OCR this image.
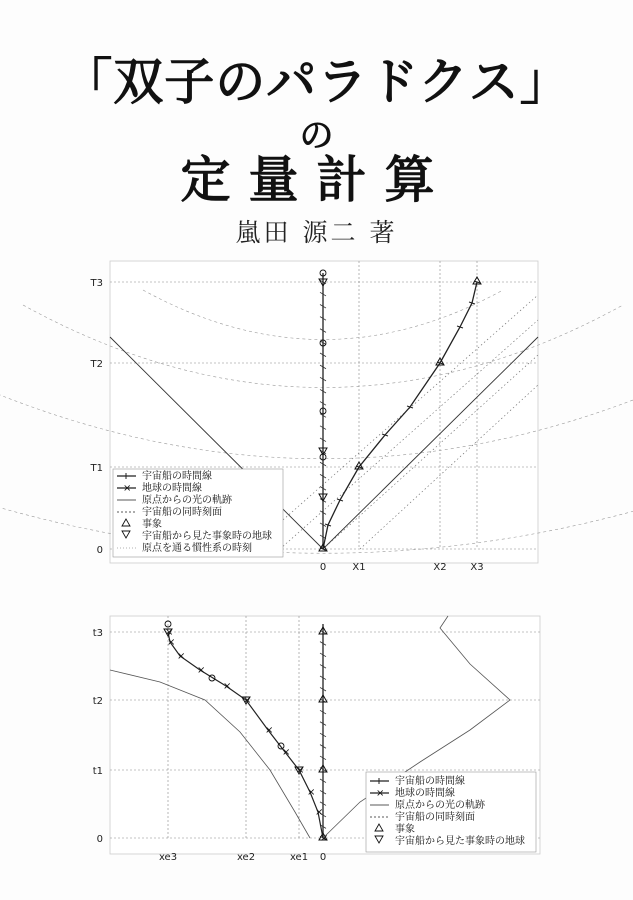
「双子のパラドクス」
の
定量計算
嵐田 源二 著
0
T1
T2
T3
0	X1	X2 X3
宇宙船の時間線
× 地球の時間線
原点からの光の軌跡
宇宙船の同時刻面
事象
宇宙船から見た事象時の地球
原点を通る慣性系の時刻
×
×
×
×
×
×
×
×
×
×
×
×
0
t1
t2
t3
xe3	xe2	xe1 0
宇宙船の時間線
× 地球の時間線
原点からの光の軌跡
宇宙船の同時刻面
事象
宇宙船から見た事象時の地球
